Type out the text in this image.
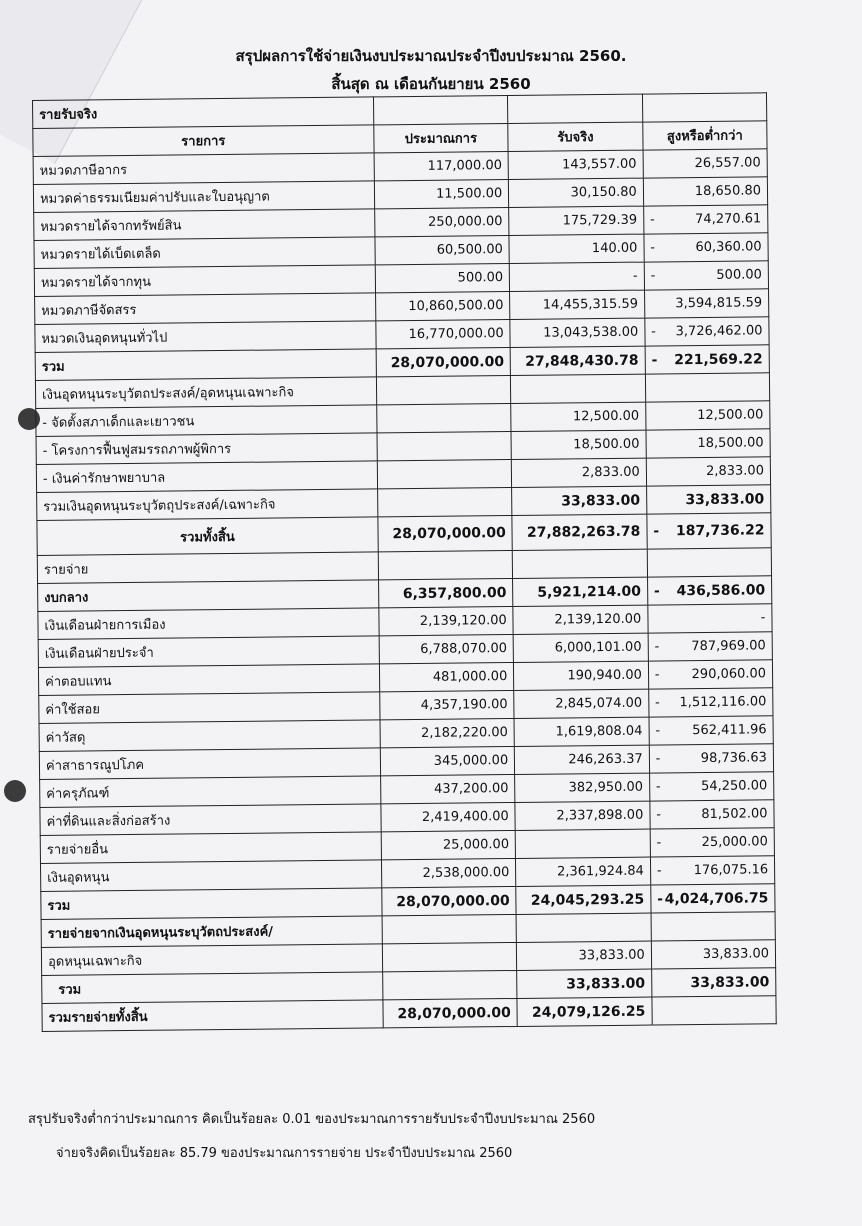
สรุปผลการใช้จ่ายเงินงบประมาณประจำปีงบประมาณ 2560.
สิ้นสุด ณ เดือนกันยายน 2560
รายรับจริง			
รายการ	ประมาณการ	รับจริง	สูงหรือต่ำกว่า
หมวดภาษีอากร	117,000.00	143,557.00	26,557.00
หมวดค่าธรรมเนียมค่าปรับและใบอนุญาต	11,500.00	30,150.80	18,650.80
หมวดรายได้จากทรัพย์สิน	250,000.00	175,729.39	- 74,270.61
หมวดรายได้เบ็ดเตล็ด	60,500.00	140.00	- 60,360.00
หมวดรายได้จากทุน	500.00	-	- 500.00
หมวดภาษีจัดสรร	10,860,500.00	14,455,315.59	3,594,815.59
หมวดเงินอุดหนุนทั่วไป	16,770,000.00	13,043,538.00	- 3,726,462.00
รวม	28,070,000.00	27,848,430.78	- 221,569.22
เงินอุดหนุนระบุวัตถประสงค์/อุดหนุนเฉพาะกิจ			
- จัดตั้งสภาเด็กและเยาวชน		12,500.00	12,500.00
- โครงการฟื้นฟูสมรรถภาพผู้พิการ		18,500.00	18,500.00
- เงินค่ารักษาพยาบาล		2,833.00	2,833.00
รวมเงินอุดหนุนระบุวัตถุประสงค์/เฉพาะกิจ		33,833.00	33,833.00
รวมทั้งสิ้น	28,070,000.00	27,882,263.78	- 187,736.22
รายจ่าย			
งบกลาง	6,357,800.00	5,921,214.00	- 436,586.00
เงินเดือนฝ่ายการเมือง	2,139,120.00	2,139,120.00	-
เงินเดือนฝ่ายประจำ	6,788,070.00	6,000,101.00	- 787,969.00
ค่าตอบแทน	481,000.00	190,940.00	- 290,060.00
ค่าใช้สอย	4,357,190.00	2,845,074.00	- 1,512,116.00
ค่าวัสดุ	2,182,220.00	1,619,808.04	- 562,411.96
ค่าสาธารณูปโภค	345,000.00	246,263.37	- 98,736.63
ค่าครุภัณฑ์	437,200.00	382,950.00	- 54,250.00
ค่าที่ดินและสิ่งก่อสร้าง	2,419,400.00	2,337,898.00	- 81,502.00
รายจ่ายอื่น	25,000.00		- 25,000.00
เงินอุดหนุน	2,538,000.00	2,361,924.84	- 176,075.16
รวม	28,070,000.00	24,045,293.25	- 4,024,706.75
รายจ่ายจากเงินอุดหนุนระบุวัตถประสงค์/			
อุดหนุนเฉพาะกิจ		33,833.00	33,833.00
รวม		33,833.00	33,833.00
รวมรายจ่ายทั้งสิ้น	28,070,000.00	24,079,126.25	
สรุปรับจริงต่ำกว่าประมาณการ คิดเป็นร้อยละ 0.01 ของประมาณการรายรับประจำปีงบประมาณ 2560
จ่ายจริงคิดเป็นร้อยละ 85.79 ของประมาณการรายจ่าย ประจำปีงบประมาณ 2560
